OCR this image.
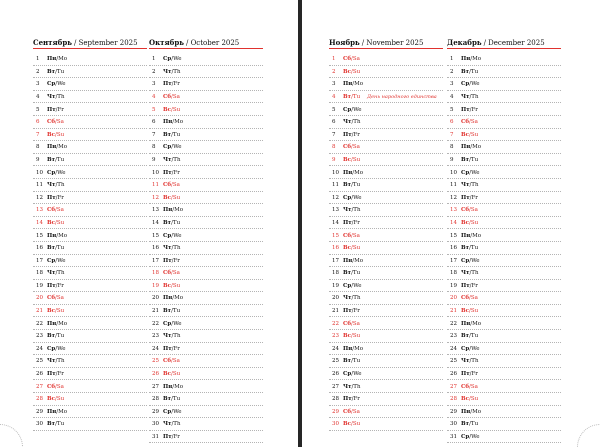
Сентябрь / September 2025
1 Пн/Mo
2 Вт/Tu
3 Ср/We
4 Чт/Th
5 Пт/Fr
6 Сб/Sa
7 Вс/Su
8 Пн/Mo
9 Вт/Tu
10 Ср/We
11 Чт/Th
12 Пт/Fr
13 Сб/Sa
14 Вс/Su
15 Пн/Mo
16 Вт/Tu
17 Ср/We
18 Чт/Th
19 Пт/Fr
20 Сб/Sa
21 Вс/Su
22 Пн/Mo
23 Вт/Tu
24 Ср/We
25 Чт/Th
26 Пт/Fr
27 Сб/Sa
28 Вс/Su
29 Пн/Mo
30 Вт/Tu
Октябрь / October 2025
1 Ср/We
2 Чт/Th
3 Пт/Fr
4 Сб/Sa
5 Вс/Su
6 Пн/Mo
7 Вт/Tu
8 Ср/We
9 Чт/Th
10 Пт/Fr
11 Сб/Sa
12 Вс/Su
13 Пн/Mo
14 Вт/Tu
15 Ср/We
16 Чт/Th
17 Пт/Fr
18 Сб/Sa
19 Вс/Su
20 Пн/Mo
21 Вт/Tu
22 Ср/We
23 Чт/Th
24 Пт/Fr
25 Сб/Sa
26 Вс/Su
27 Пн/Mo
28 Вт/Tu
29 Ср/We
30 Чт/Th
31 Пт/Fr
Ноябрь / November 2025
1 Сб/Sa
2 Вс/Su
3 Пн/Mo
4 Вт/Tu День народного единства
5 Ср/We
6 Чт/Th
7 Пт/Fr
8 Сб/Sa
9 Вс/Su
10 Пн/Mo
11 Вт/Tu
12 Ср/We
13 Чт/Th
14 Пт/Fr
15 Сб/Sa
16 Вс/Su
17 Пн/Mo
18 Вт/Tu
19 Ср/We
20 Чт/Th
21 Пт/Fr
22 Сб/Sa
23 Вс/Su
24 Пн/Mo
25 Вт/Tu
26 Ср/We
27 Чт/Th
28 Пт/Fr
29 Сб/Sa
30 Вс/Su
Декабрь / December 2025
1 Пн/Mo
2 Вт/Tu
3 Ср/We
4 Чт/Th
5 Пт/Fr
6 Сб/Sa
7 Вс/Su
8 Пн/Mo
9 Вт/Tu
10 Ср/We
11 Чт/Th
12 Пт/Fr
13 Сб/Sa
14 Вс/Su
15 Пн/Mo
16 Вт/Tu
17 Ср/We
18 Чт/Th
19 Пт/Fr
20 Сб/Sa
21 Вс/Su
22 Пн/Mo
23 Вт/Tu
24 Ср/We
25 Чт/Th
26 Пт/Fr
27 Сб/Sa
28 Вс/Su
29 Пн/Mo
30 Вт/Tu
31 Ср/We
